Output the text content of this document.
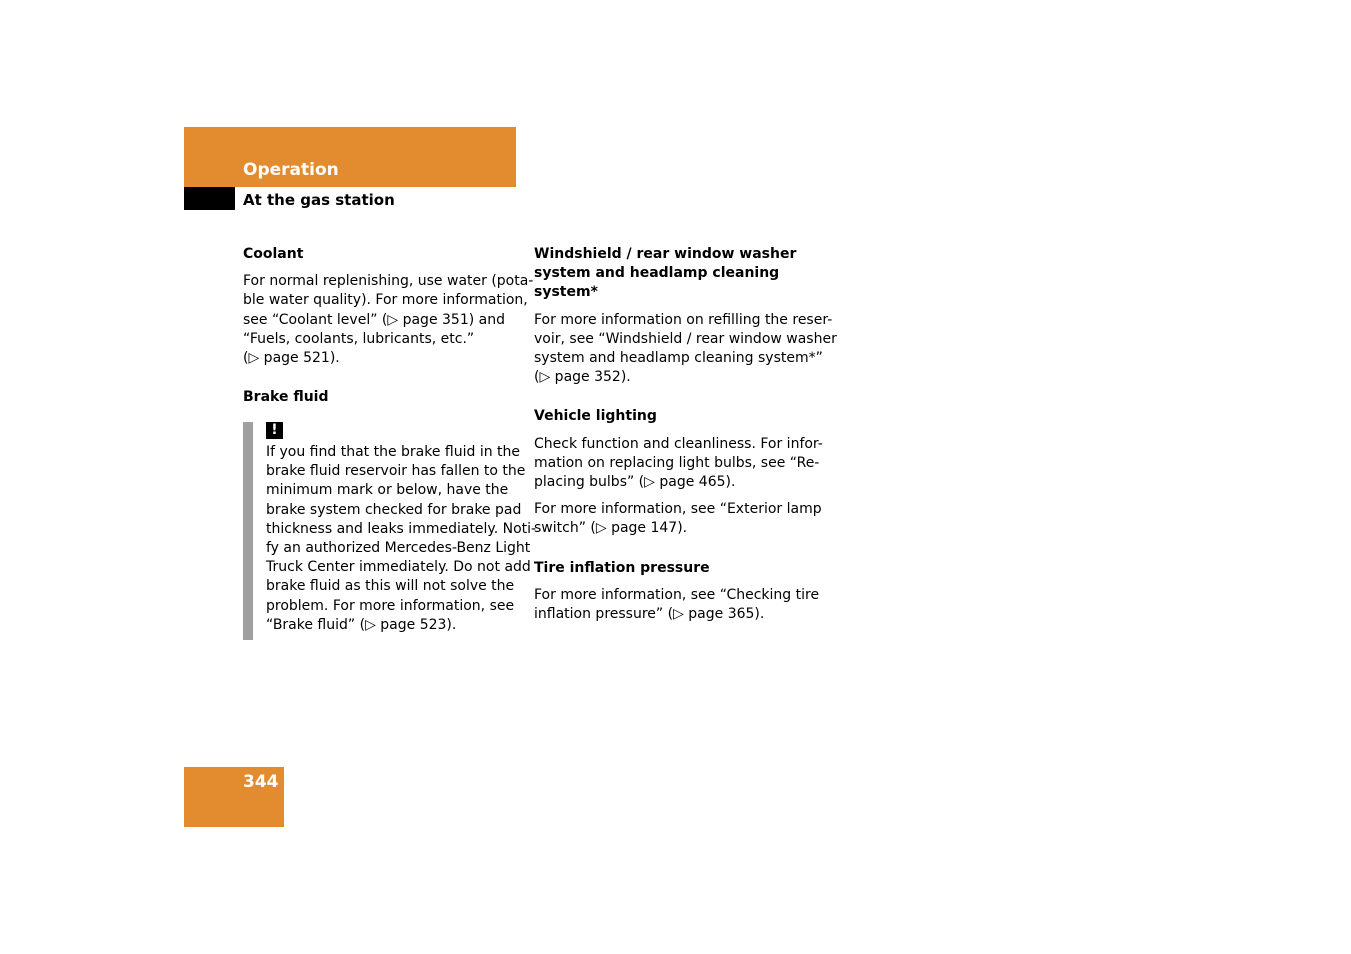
Operation
At the gas station

Coolant

For normal replenishing, use water (pota-
ble water quality). For more information,
see “Coolant level” (▷ page 351) and
“Fuels, coolants, lubricants, etc.”
(▷ page 521).

Brake fluid

!
If you find that the brake fluid in the
brake fluid reservoir has fallen to the
minimum mark or below, have the
brake system checked for brake pad
thickness and leaks immediately. Noti-
fy an authorized Mercedes-Benz Light
Truck Center immediately. Do not add
brake fluid as this will not solve the
problem. For more information, see
“Brake fluid” (▷ page 523).

Windshield / rear window washer
system and headlamp cleaning
system*

For more information on refilling the reser-
voir, see “Windshield / rear window washer
system and headlamp cleaning system*”
(▷ page 352).

Vehicle lighting

Check function and cleanliness. For infor-
mation on replacing light bulbs, see “Re-
placing bulbs” (▷ page 465).

For more information, see “Exterior lamp
switch” (▷ page 147).

Tire inflation pressure

For more information, see “Checking tire
inflation pressure” (▷ page 365).

344
